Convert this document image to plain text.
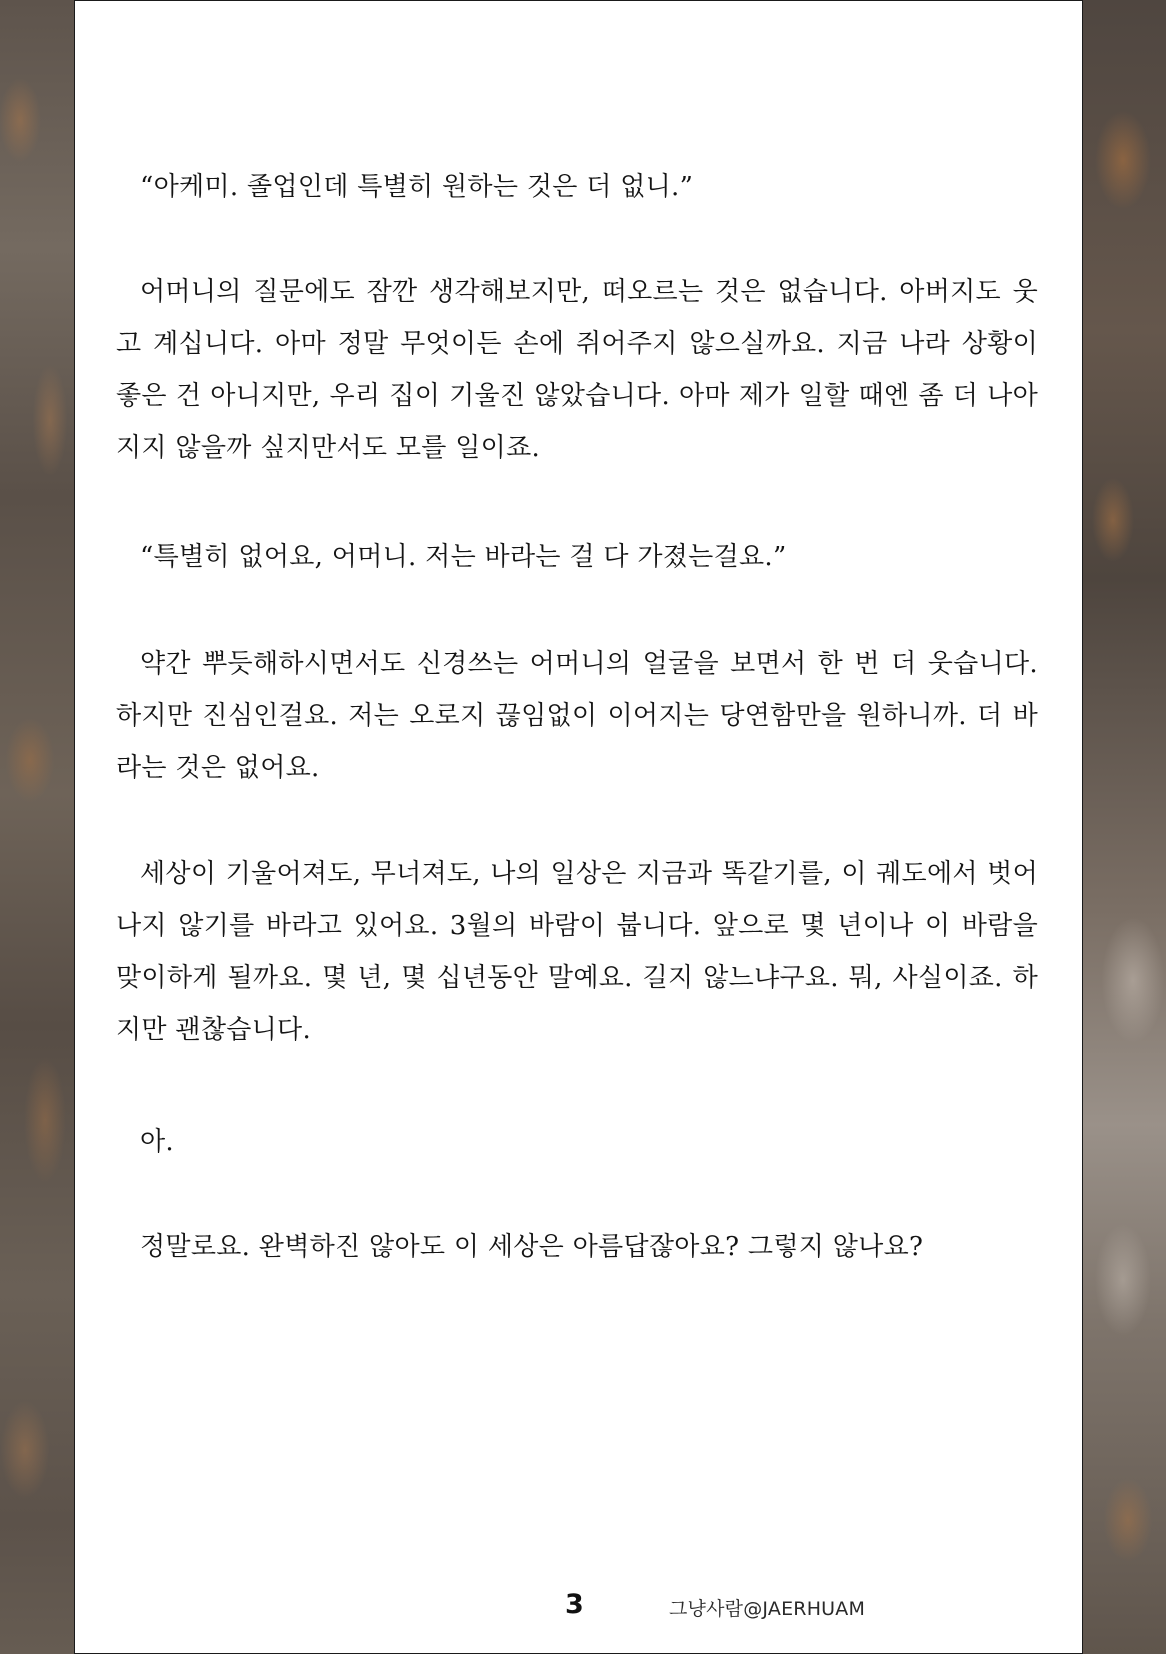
“아케미. 졸업인데 특별히 원하는 것은 더 없니.”

어머니의 질문에도 잠깐 생각해보지만, 떠오르는 것은 없습니다. 아버지도 웃고 계십니다. 아마 정말 무엇이든 손에 쥐어주지 않으실까요. 지금 나라 상황이 좋은 건 아니지만, 우리 집이 기울진 않았습니다. 아마 제가 일할 때엔 좀 더 나아지지 않을까 싶지만서도 모를 일이죠.

“특별히 없어요, 어머니. 저는 바라는 걸 다 가졌는걸요.”

약간 뿌듯해하시면서도 신경쓰는 어머니의 얼굴을 보면서 한 번 더 웃습니다. 하지만 진심인걸요. 저는 오로지 끊임없이 이어지는 당연함만을 원하니까. 더 바라는 것은 없어요.

세상이 기울어져도, 무너져도, 나의 일상은 지금과 똑같기를, 이 궤도에서 벗어나지 않기를 바라고 있어요. 3월의 바람이 붑니다. 앞으로 몇 년이나 이 바람을 맞이하게 될까요. 몇 년, 몇 십년동안 말예요. 길지 않느냐구요. 뭐, 사실이죠. 하지만 괜찮습니다.

아.

정말로요. 완벽하진 않아도 이 세상은 아름답잖아요? 그렇지 않나요?

3	그냥사람@JAERHUAM
